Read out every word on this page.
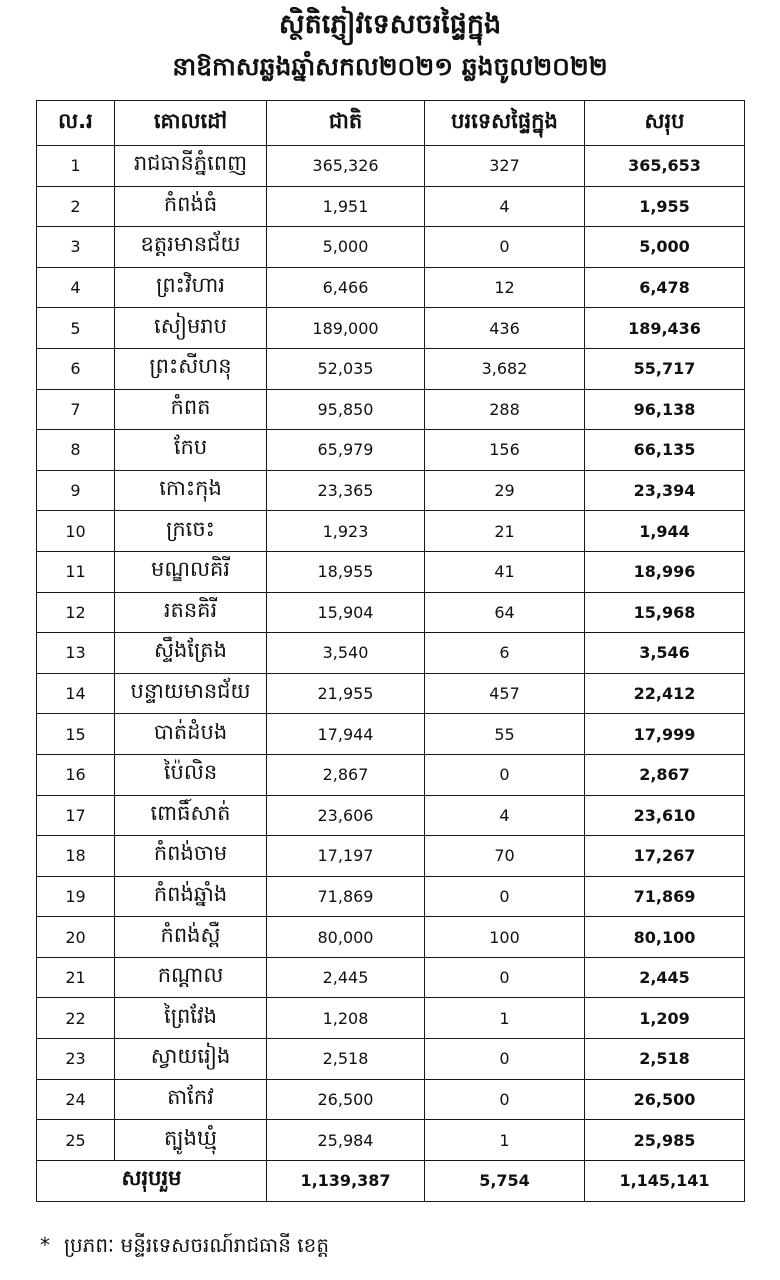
ស្ថិតិភ្ញៀវទេសចរផ្ទៃក្នុង
នាឱកាសឆ្លងឆ្នាំសកល២០២១ ឆ្លងចូល២០២២
ល.រ	គោលដៅ	ជាតិ	បរទេសផ្ទៃក្នុង	សរុប
1	រាជធានីភ្នំពេញ	365,326	327	365,653
2	កំពង់ធំ	1,951	4	1,955
3	ឧត្តរមានជ័យ	5,000	0	5,000
4	ព្រះវិហារ	6,466	12	6,478
5	សៀមរាប	189,000	436	189,436
6	ព្រះសីហនុ	52,035	3,682	55,717
7	កំពត	95,850	288	96,138
8	កែប	65,979	156	66,135
9	កោះកុង	23,365	29	23,394
10	ក្រចេះ	1,923	21	1,944
11	មណ្ឌលគិរី	18,955	41	18,996
12	រតនគិរី	15,904	64	15,968
13	ស្ទឹងត្រែង	3,540	6	3,546
14	បន្ទាយមានជ័យ	21,955	457	22,412
15	បាត់ដំបង	17,944	55	17,999
16	ប៉ៃលិន	2,867	0	2,867
17	ពោធិ៍សាត់	23,606	4	23,610
18	កំពង់ចាម	17,197	70	17,267
19	កំពង់ឆ្នាំង	71,869	0	71,869
20	កំពង់ស្ពឺ	80,000	100	80,100
21	កណ្តាល	2,445	0	2,445
22	ព្រៃវែង	1,208	1	1,209
23	ស្វាយរៀង	2,518	0	2,518
24	តាកែវ	26,500	0	26,500
25	ត្បូងឃ្មុំ	25,984	1	25,985
សរុបរួម		1,139,387	5,754	1,145,141
* ប្រភពៈ មន្ទីរទេសចរណ៍រាជធានី ខេត្ត
